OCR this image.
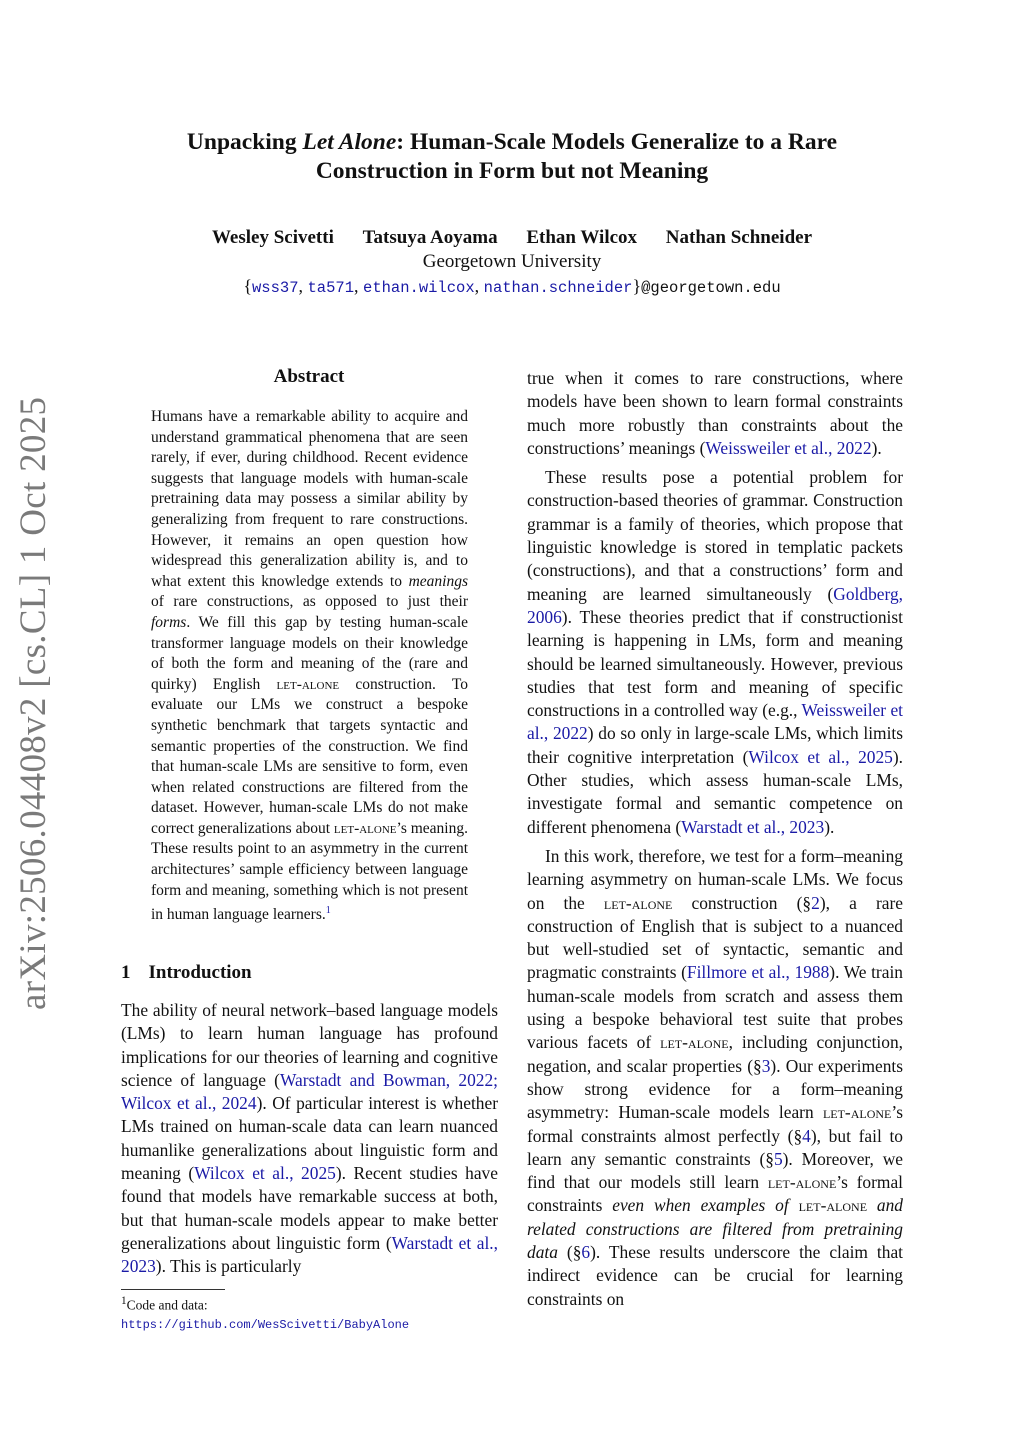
Unpacking Let Alone: Human-Scale Models Generalize to a Rare
Construction in Form but not Meaning
Wesley Scivetti Tatsuya Aoyama Ethan Wilcox Nathan Schneider
Georgetown University
{wss37, ta571, ethan.wilcox, nathan.schneider}@georgetown.edu
arXiv:2506.04408v2 [cs.CL] 1 Oct 2025
Abstract
Humans have a remarkable ability to acquire and understand grammatical phenomena that are seen rarely, if ever, during childhood. Recent evidence suggests that language models with human-scale pretraining data may possess a similar ability by generalizing from frequent to rare constructions. However, it remains an open question how widespread this generalization ability is, and to what extent this knowledge extends to meanings of rare constructions, as opposed to just their forms. We fill this gap by testing human-scale transformer language models on their knowledge of both the form and meaning of the (rare and quirky) English let-alone construction. To evaluate our LMs we construct a bespoke synthetic benchmark that targets syntactic and semantic properties of the construction. We find that human-scale LMs are sensitive to form, even when related constructions are filtered from the dataset. However, human-scale LMs do not make correct generalizations about let-alone’s meaning. These results point to an asymmetry in the current architectures’ sample efficiency between language form and meaning, something which is not present in human language learners.$^1$
1 Introduction

The ability of neural network–based language models (LMs) to learn human language has profound implications for our theories of learning and cognitive science of language (Warstadt and Bowman, 2022; Wilcox et al., 2024). Of particular interest is whether LMs trained on human-scale data can learn nuanced humanlike generalizations about linguistic form and meaning (Wilcox et al., 2025). Recent studies have found that models have remarkable success at both, but that human-scale models appear to make better generalizations about linguistic form (Warstadt et al., 2023). This is particularly

$^1$Code and data: https://github.com/WesScivetti/BabyAlone

true when it comes to rare constructions, where models have been shown to learn formal constraints much more robustly than constraints about the constructions’ meanings (Weissweiler et al., 2022).

These results pose a potential problem for construction-based theories of grammar. Construction grammar is a family of theories, which propose that linguistic knowledge is stored in templatic packets (constructions), and that a constructions’ form and meaning are learned simultaneously (Goldberg, 2006). These theories predict that if constructionist learning is happening in LMs, form and meaning should be learned simultaneously. However, previous studies that test form and meaning of specific constructions in a controlled way (e.g., Weissweiler et al., 2022) do so only in large-scale LMs, which limits their cognitive interpretation (Wilcox et al., 2025). Other studies, which assess human-scale LMs, investigate formal and semantic competence on different phenomena (Warstadt et al., 2023).

In this work, therefore, we test for a form–meaning learning asymmetry on human-scale LMs. We focus on the let-alone construction (§2), a rare construction of English that is subject to a nuanced but well-studied set of syntactic, semantic and pragmatic constraints (Fillmore et al., 1988). We train human-scale models from scratch and assess them using a bespoke behavioral test suite that probes various facets of let-alone, including conjunction, negation, and scalar properties (§3). Our experiments show strong evidence for a form–meaning asymmetry: Human-scale models learn let-alone’s formal constraints almost perfectly (§4), but fail to learn any semantic constraints (§5). Moreover, we find that our models still learn let-alone’s formal constraints even when examples of let-alone and related constructions are filtered from pretraining data (§6). These results underscore the claim that indirect evidence can be crucial for learning constraints on
